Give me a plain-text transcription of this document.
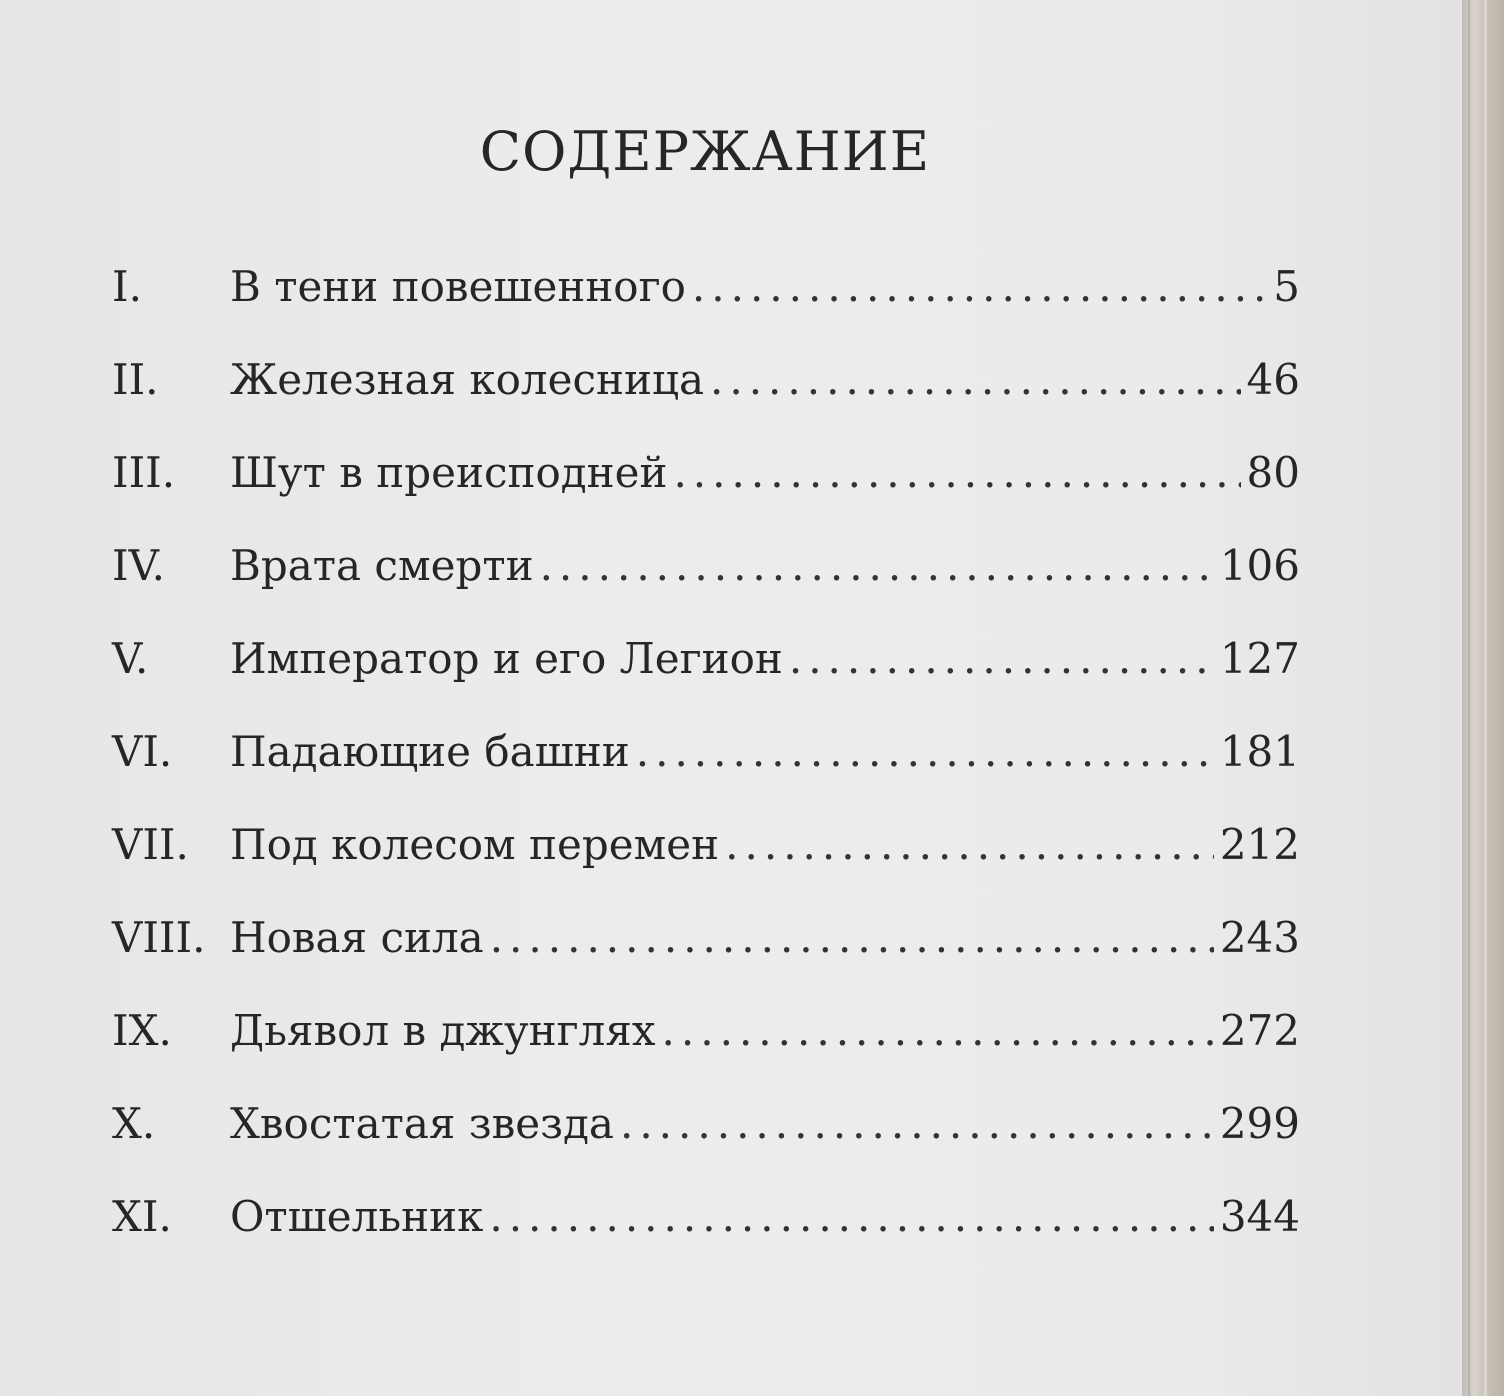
СОДЕРЖАНИЕ
I.	В тени повешенного .....	5
II.	Железная колесница .....	46
III.	Шут в преисподней .....	80
IV.	Врата смерти .....	106
V.	Император и его Легион .....	127
VI.	Падающие башни .....	181
VII. Под колесом перемен .....	212
VIII. Новая сила .....	243
IX.	Дьявол в джунглях .....	272
X.	Хвостатая звезда .....	299
XI.	Отшельник .....	344
